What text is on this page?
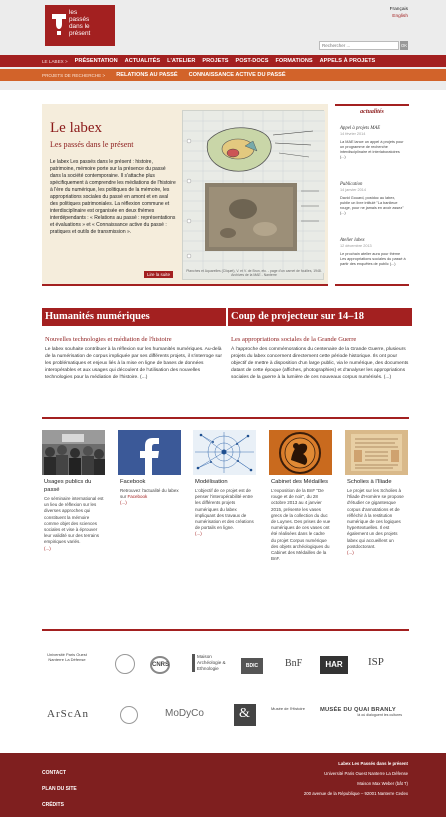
les
passés
dans le
présent
Français
English
Rechercher ...
OK
LE LABEX > PRÉSENTATION ACTUALITÉS L'ATELIER PROJETS POST-DOCS FORMATIONS APPELS À PROJETS
PROJETS DE RECHERCHE > RELATIONS AU PASSÉ CONNAISSANCE ACTIVE DU PASSÉ
Le labex
Les passés dans le présent
Le labex Les passés dans le présent : histoire, patrimoine, mémoire porte sur la présence du passé dans la société contemporaine. Il s'attache plus spécifiquement à comprendre les médiations de l'histoire à l'ère du numérique, les politiques de la mémoire, les appropriations sociales du passé en amont et en aval des politiques patrimoniales. La réflexion commune et interdisciplinaire est organisée en deux thèmes interdépendants : « Relations au passé : représentations et évaluations » et « Connaissance active du passé : pratiques et outils de transmission ».
Lire la suite
Planches et Aquarelles (Cliquet), V. et V. de Brun, etc. - page d'un carnet de fouilles, 1948. Archives de la MAE - Nanterre
actualités
Appel à projets MAE
14 février 2014
La MAE lance un appel à projets pour un programme de recherche interdisciplinaire et interlaboratoires (...)
Publication
14 janvier 2014
David Gouard, postdoc au labex, publie un livre intitulé "La banlieue rouge, pour ne jamais en avoir assez" (...)
Atelier labex
12 décembre 2013
Le prochain atelier aura pour thème Les appropriations sociales du passé à partir des enquêtes de public (...)
Humanités numériques
Nouvelles technologies et médiation de l'histoire
Le labex souhaite contribuer à la réflexion sur les humanités numériques. Au-delà de la numérisation de corpus impliquée par ses différents projets, il s'interroge sur les problématiques et enjeux liés à la mise en ligne de bases de données interopérables et aux usages qui découlent de l'utilisation des nouvelles technologies pour la médiation de l'histoire. (...)
Coup de projecteur sur 14–18
Les appropriations sociales de la Grande Guerre
À l'approche des commémorations du centenaire de la Grande Guerre, plusieurs projets du labex concernent directement cette période historique. Ils ont pour objectif de mettre à disposition d'un large public, via le numérique, des documents datant de cette époque (affiches, photographies) et d'analyser les appropriations sociales de la guerre à la lumière de ces nouveaux corpus numérisés. (...)
Usages publics du passé
Ce séminaire international est un lieu de réflexion sur les diverses approches qui constituent la mémoire comme objet des sciences sociales et vise à éprouver leur validité sur des terrains empiriques variés.
(...)
Facebook
Retrouvez l'actualité du labex sur Facebook
(...)
Modélisation
L'objectif de ce projet est de penser l'interopérabilité entre les différents projets numériques du labex impliquant des travaux de numérisation et des créations de portails en ligne.
(...)
Cabinet des Médailles
L'exposition de la BnF "De rouge et de noir", du 28 octobre 2013 au 4 janvier 2015, présente les vases grecs de la collection du duc de Luynes. Des prises de vue numériques de ces vases ont été réalisées dans le cadre du projet Corpus numérique des objets archéologiques du Cabinet des Médailles de la BnF.
Scholies à l'Iliade
Le projet sur les Scholies à l'Iliade d'Homère se propose d'étudier ce gigantesque corpus d'annotations et de réfléchir à la restitution numérique de ces logiques hypertextuelles. Il est également un des projets labex qui accueillent un postdoctorant.
(...)
Université Paris Ouest Nanterre La Défense
CNRS
Maison Archéologie & Ethnologie	BDIC	BnF	HAR	ISP
ArScAn	MoDyCo	&	Musée de l'Histoire	MUSÉE DU QUAI BRANLY
là où dialoguent les cultures
CONTACT
PLAN DU SITE
CRÉDITS
Labex Les Passés dans le présent
Université Paris Ouest Nanterre La Défense
Maison Max Weber (bât T)
200 avenue de la République – 92001 Nanterre Cedex
